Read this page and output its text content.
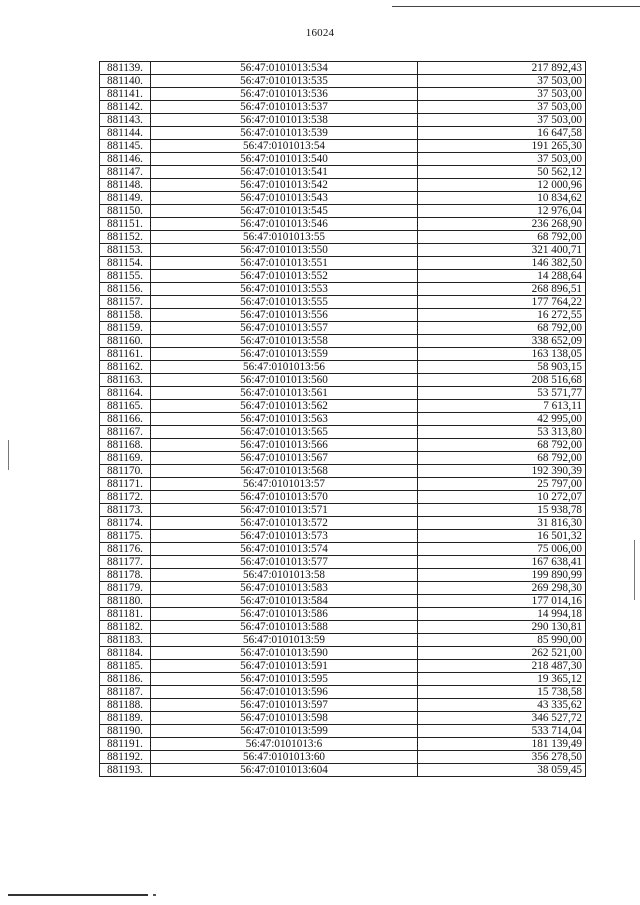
16024
881139.	56:47:0101013:534	217 892,43
881140.	56:47:0101013:535	37 503,00
881141.	56:47:0101013:536	37 503,00
881142.	56:47:0101013:537	37 503,00
881143.	56:47:0101013:538	37 503,00
881144.	56:47:0101013:539	16 647,58
881145.	56:47:0101013:54	191 265,30
881146.	56:47:0101013:540	37 503,00
881147.	56:47:0101013:541	50 562,12
881148.	56:47:0101013:542	12 000,96
881149.	56:47:0101013:543	10 834,62
881150.	56:47:0101013:545	12 976,04
881151.	56:47:0101013:546	236 268,90
881152.	56:47:0101013:55	68 792,00
881153.	56:47:0101013:550	321 400,71
881154.	56:47:0101013:551	146 382,50
881155.	56:47:0101013:552	14 288,64
881156.	56:47:0101013:553	268 896,51
881157.	56:47:0101013:555	177 764,22
881158.	56:47:0101013:556	16 272,55
881159.	56:47:0101013:557	68 792,00
881160.	56:47:0101013:558	338 652,09
881161.	56:47:0101013:559	163 138,05
881162.	56:47:0101013:56	58 903,15
881163.	56:47:0101013:560	208 516,68
881164.	56:47:0101013:561	53 571,77
881165.	56:47:0101013:562	7 613,11
881166.	56:47:0101013:563	42 995,00
881167.	56:47:0101013:565	53 313,80
881168.	56:47:0101013:566	68 792,00
881169.	56:47:0101013:567	68 792,00
881170.	56:47:0101013:568	192 390,39
881171.	56:47:0101013:57	25 797,00
881172.	56:47:0101013:570	10 272,07
881173.	56:47:0101013:571	15 938,78
881174.	56:47:0101013:572	31 816,30
881175.	56:47:0101013:573	16 501,32
881176.	56:47:0101013:574	75 006,00
881177.	56:47:0101013:577	167 638,41
881178.	56:47:0101013:58	199 890,99
881179.	56:47:0101013:583	269 298,30
881180.	56:47:0101013:584	177 014,16
881181.	56:47:0101013:586	14 994,18
881182.	56:47:0101013:588	290 130,81
881183.	56:47:0101013:59	85 990,00
881184.	56:47:0101013:590	262 521,00
881185.	56:47:0101013:591	218 487,30
881186.	56:47:0101013:595	19 365,12
881187.	56:47:0101013:596	15 738,58
881188.	56:47:0101013:597	43 335,62
881189.	56:47:0101013:598	346 527,72
881190.	56:47:0101013:599	533 714,04
881191.	56:47:0101013:6	181 139,49
881192.	56:47:0101013:60	356 278,50
881193.	56:47:0101013:604	38 059,45
